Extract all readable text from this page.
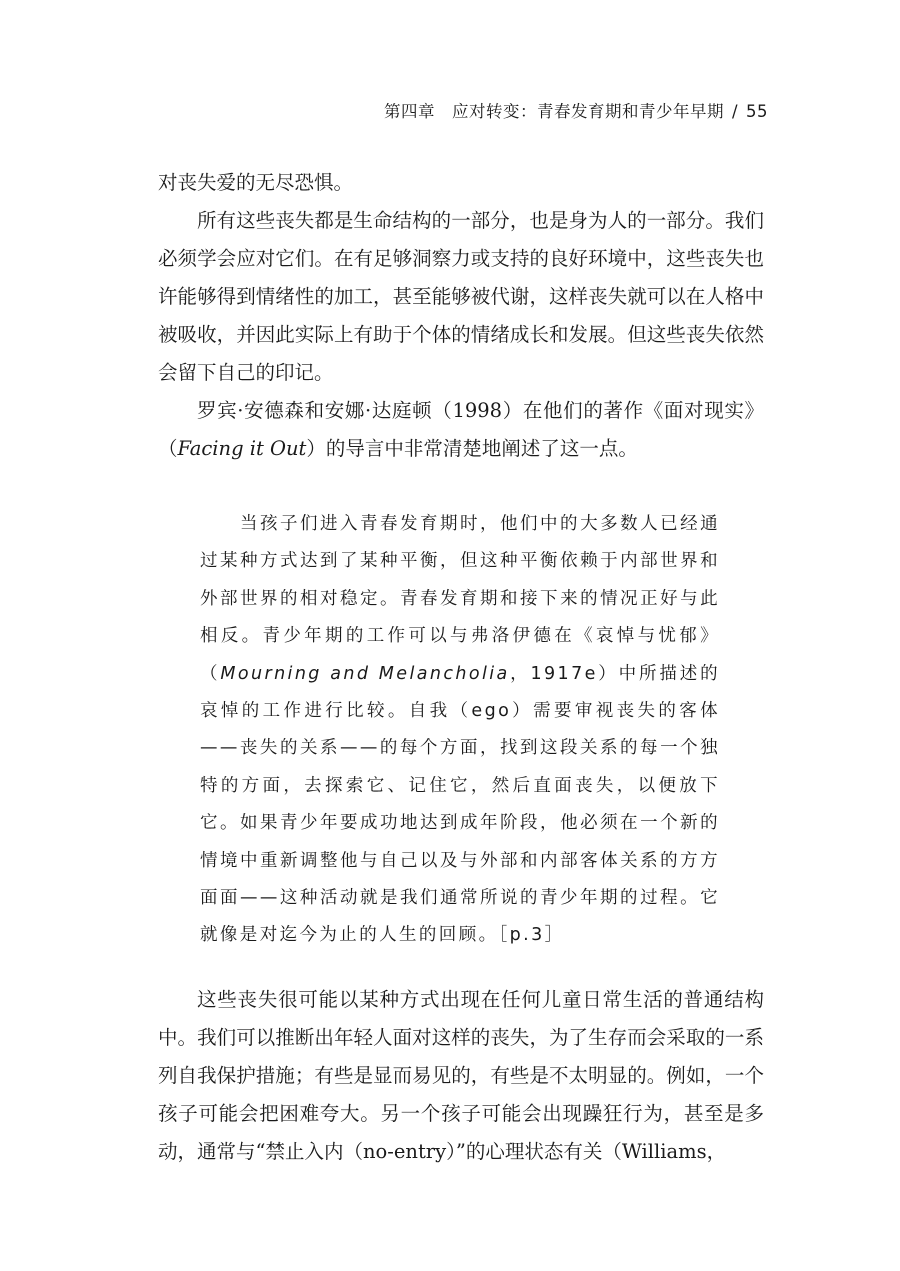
第四章　应对转变：青春发育期和青少年早期 / 55

对丧失爱的无尽恐惧。

所有这些丧失都是生命结构的一部分，也是身为人的一部分。我们必须学会应对它们。在有足够洞察力或支持的良好环境中，这些丧失也许能够得到情绪性的加工，甚至能够被代谢，这样丧失就可以在人格中被吸收，并因此实际上有助于个体的情绪成长和发展。但这些丧失依然会留下自己的印记。

罗宾·安德森和安娜·达庭顿（1998）在他们的著作《面对现实》（Facing it Out）的导言中非常清楚地阐述了这一点。

当孩子们进入青春发育期时，他们中的大多数人已经通过某种方式达到了某种平衡，但这种平衡依赖于内部世界和外部世界的相对稳定。青春发育期和接下来的情况正好与此相反。青少年期的工作可以与弗洛伊德在《哀悼与忧郁》（Mourning and Melancholia，1917e）中所描述的哀悼的工作进行比较。自我（ego）需要审视丧失的客体——丧失的关系——的每个方面，找到这段关系的每一个独特的方面，去探索它、记住它，然后直面丧失，以便放下它。如果青少年要成功地达到成年阶段，他必须在一个新的情境中重新调整他与自己以及与外部和内部客体关系的方方面面——这种活动就是我们通常所说的青少年期的过程。它就像是对迄今为止的人生的回顾。［p.3］

这些丧失很可能以某种方式出现在任何儿童日常生活的普通结构中。我们可以推断出年轻人面对这样的丧失，为了生存而会采取的一系列自我保护措施；有些是显而易见的，有些是不太明显的。例如，一个孩子可能会把困难夸大。另一个孩子可能会出现躁狂行为，甚至是多动，通常与“禁止入内（no-entry）”的心理状态有关（Williams，
